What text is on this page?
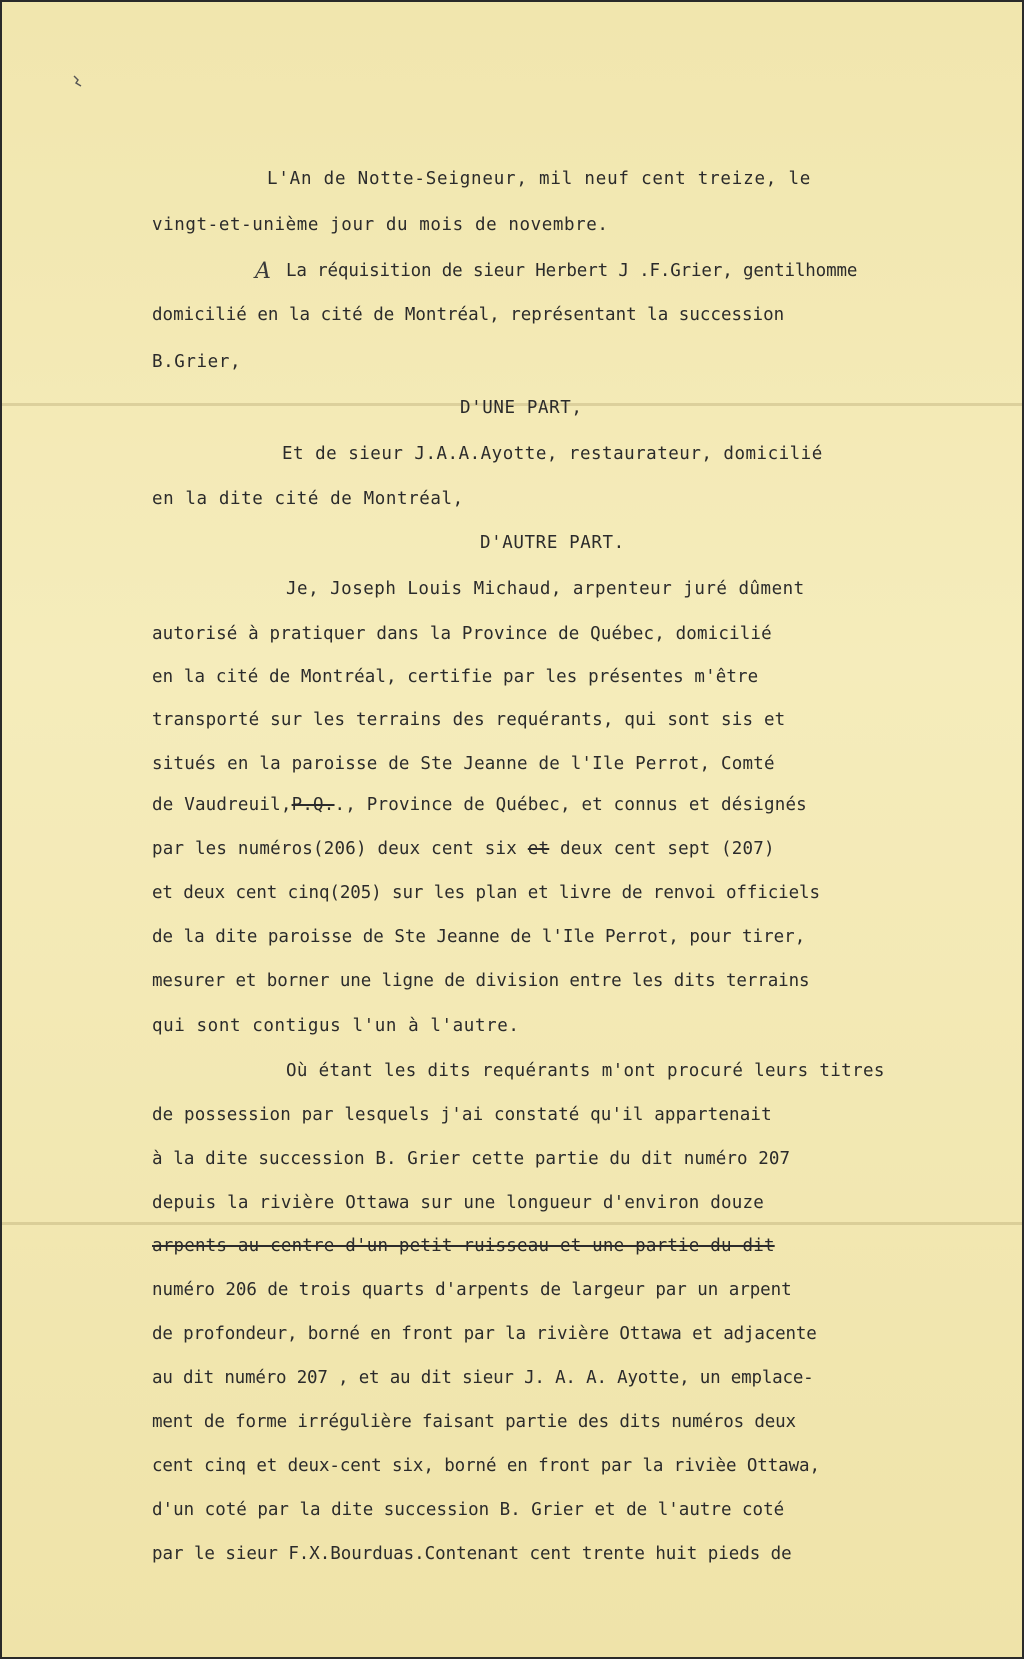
L'An de Notte-Seigneur, mil neuf cent treize, le

vingt-et-unième jour du mois de novembre.

A La réquisition de sieur Herbert J .F.Grier, gentilhomme

domicilié en la cité de Montréal, représentant la succession

B.Grier,

D'UNE PART,

Et de sieur J.A.A.Ayotte, restaurateur, domicilié

en la dite cité de Montréal,

D'AUTRE PART.

Je, Joseph Louis Michaud, arpenteur juré dûment

autorisé à pratiquer dans la Province de Québec, domicilié

en la cité de Montréal, certifie par les présentes m'être

transporté sur les terrains des requérants, qui sont sis et

situés en la paroisse de Ste Jeanne de l'Ile Perrot, Comté

de Vaudreuil,P.Q.., Province de Québec, et connus et désignés

par les numéros(206) deux cent six et deux cent sept (207)

et deux cent cinq(205) sur les plan et livre de renvoi officiels

de la dite paroisse de Ste Jeanne de l'Ile Perrot, pour tirer,

mesurer et borner une ligne de division entre les dits terrains

qui sont contigus l'un à l'autre.

Où étant les dits requérants m'ont procuré leurs titres

de possession par lesquels j'ai constaté qu'il appartenait

à la dite succession B. Grier cette partie du dit numéro 207

depuis la rivière Ottawa sur une longueur d'environ douze

arpents au centre d'un petit ruisseau et une partie du dit

numéro 206 de trois quarts d'arpents de largeur par un arpent

de profondeur, borné en front par la rivière Ottawa et adjacente

au dit numéro 207 , et au dit sieur J. A. A. Ayotte, un emplace-

ment de forme irrégulière faisant partie des dits numéros deux

cent cinq et deux-cent six, borné en front par la rivièe Ottawa,

d'un coté par la dite succession B. Grier et de l'autre coté

par le sieur F.X.Bourduas.Contenant cent trente huit pieds de
